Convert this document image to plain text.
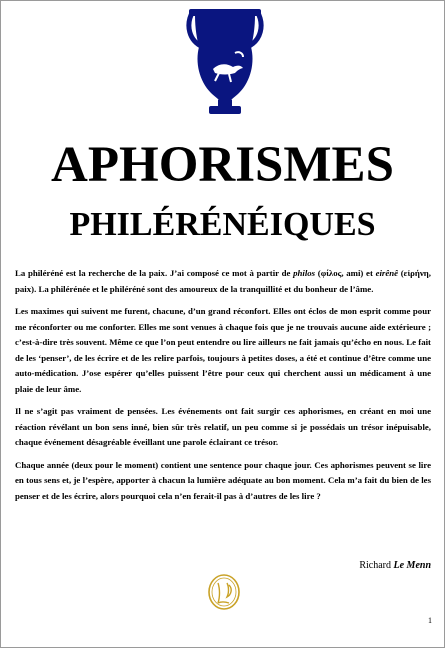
APHORISMES
PHILÉRÉNÉIQUES

La philéréné est la recherche de la paix. J’ai composé ce mot à partir de philos (φίλος, ami) et eirênê (εἰρήνη, paix). La philérénée et le philéréné sont des amoureux de la tranquillité et du bonheur de l’âme.

Les maximes qui suivent me furent, chacune, d’un grand réconfort. Elles ont éclos de mon esprit comme pour me réconforter ou me conforter. Elles me sont venues à chaque fois que je ne trouvais aucune aide extérieure ; c’est-à-dire très souvent. Même ce que l’on peut entendre ou lire ailleurs ne fait jamais qu’écho en nous. Le fait de les ‘penser’, de les écrire et de les relire parfois, toujours à petites doses, a été et continue d’être comme une auto-médication. J’ose espérer qu’elles puissent l’être pour ceux qui cherchent aussi un médicament à une plaie de leur âme.

Il ne s’agit pas vraiment de pensées. Les événements ont fait surgir ces aphorismes, en créant en moi une réaction révélant un bon sens inné, bien sûr très relatif, un peu comme si je possédais un trésor inépuisable, chaque événement désagréable éveillant une parole éclairant ce trésor.

Chaque année (deux pour le moment) contient une sentence pour chaque jour. Ces aphorismes peuvent se lire en tous sens et, je l’espère, apporter à chacun la lumière adéquate au bon moment. Cela m’a fait du bien de les penser et de les écrire, alors pourquoi cela n’en ferait-il pas à d’autres de les lire ?

Richard Le Menn
1
